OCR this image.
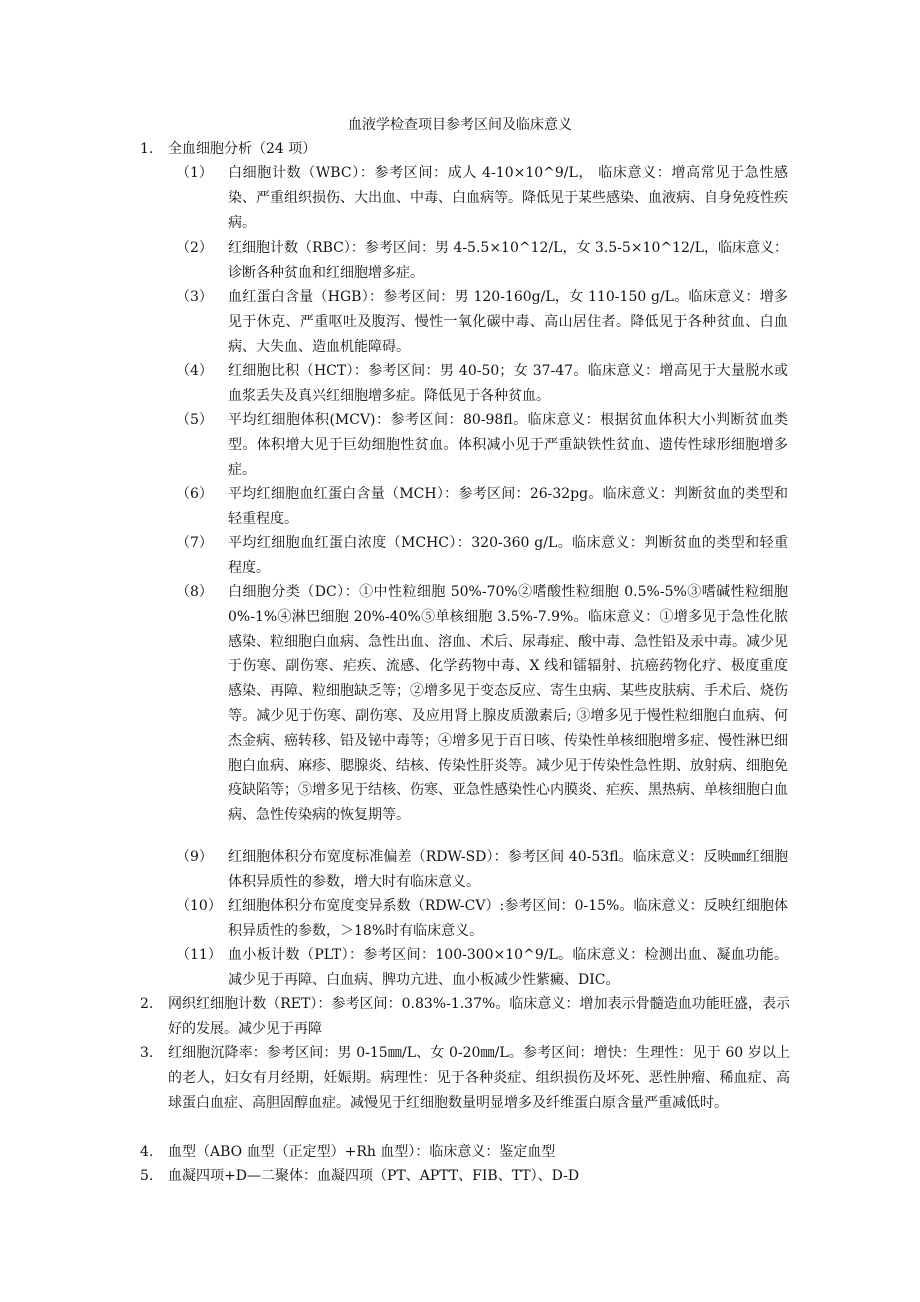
血液学检查项目参考区间及临床意义
1.	全血细胞分析（24 项）
（1）	白细胞计数（WBC）：参考区间：成人 4-10×10^9/L， 临床意义：增高常见于急性感染、严重组织损伤、大出血、中毒、白血病等。降低见于某些感染、血液病、自身免疫性疾病。
（2）	红细胞计数（RBC）：参考区间：男 4-5.5×10^12/L，女 3.5-5×10^12/L，临床意义：诊断各种贫血和红细胞增多症。
（3）	血红蛋白含量（HGB）：参考区间：男 120-160g/L，女 110-150 g/L。临床意义：增多见于休克、严重呕吐及腹泻、慢性一氧化碳中毒、高山居住者。降低见于各种贫血、白血病、大失血、造血机能障碍。
（4）	红细胞比积（HCT）：参考区间：男 40-50；女 37-47。临床意义：增高见于大量脱水或血浆丢失及真兴红细胞增多症。降低见于各种贫血。
（5）	平均红细胞体积(MCV)：参考区间：80-98fl。临床意义：根据贫血体积大小判断贫血类型。体积增大见于巨幼细胞性贫血。体积减小见于严重缺铁性贫血、遗传性球形细胞增多症。
（6）	平均红细胞血红蛋白含量（MCH）：参考区间：26-32pg。临床意义：判断贫血的类型和轻重程度。
（7）	平均红细胞血红蛋白浓度（MCHC）：320-360 g/L。临床意义：判断贫血的类型和轻重程度。
（8）	白细胞分类（DC）：①中性粒细胞 50%-70%②嗜酸性粒细胞 0.5%-5%③嗜碱性粒细胞 0%-1%④淋巴细胞 20%-40%⑤单核细胞 3.5%-7.9%。临床意义：①增多见于急性化脓感染、粒细胞白血病、急性出血、溶血、术后、尿毒症、酸中毒、急性铅及汞中毒。减少见于伤寒、副伤寒、疟疾、流感、化学药物中毒、X 线和镭辐射、抗癌药物化疗、极度重度感染、再障、粒细胞缺乏等；②增多见于变态反应、寄生虫病、某些皮肤病、手术后、烧伤等。减少见于伤寒、副伤寒、及应用肾上腺皮质激素后; ③增多见于慢性粒细胞白血病、何杰金病、癌转移、铅及铋中毒等；④增多见于百日咳、传染性单核细胞增多症、慢性淋巴细胞白血病、麻疹、腮腺炎、结核、传染性肝炎等。减少见于传染性急性期、放射病、细胞免疫缺陷等；⑤增多见于结核、伤寒、亚急性感染性心内膜炎、疟疾、黑热病、单核细胞白血病、急性传染病的恢复期等。
（9）	红细胞体积分布宽度标准偏差（RDW-SD）：参考区间 40-53fl。临床意义：反映㎜红细胞体积异质性的参数，增大时有临床意义。
（10） 红细胞体积分布宽度变异系数（RDW-CV）:参考区间：0-15%。临床意义：反映红细胞体积异质性的参数，＞18%时有临床意义。
（11） 血小板计数（PLT）：参考区间：100-300×10^9/L。临床意义：检测出血、凝血功能。减少见于再障、白血病、脾功亢进、血小板减少性紫癜、DIC。
2.	网织红细胞计数（RET）：参考区间：0.83%-1.37%。临床意义：增加表示骨髓造血功能旺盛，表示好的发展。减少见于再障
3.	红细胞沉降率：参考区间：男 0-15㎜/L、女 0-20㎜/L。参考区间：增快：生理性：见于 60 岁以上的老人，妇女有月经期，妊娠期。病理性：见于各种炎症、组织损伤及坏死、恶性肿瘤、稀血症、高球蛋白血症、高胆固醇血症。减慢见于红细胞数量明显增多及纤维蛋白原含量严重减低时。
4.	血型（ABO 血型（正定型）+Rh 血型）：临床意义：鉴定血型
5.	血凝四项+D—二聚体：血凝四项（PT、APTT、FIB、TT）、D-D
